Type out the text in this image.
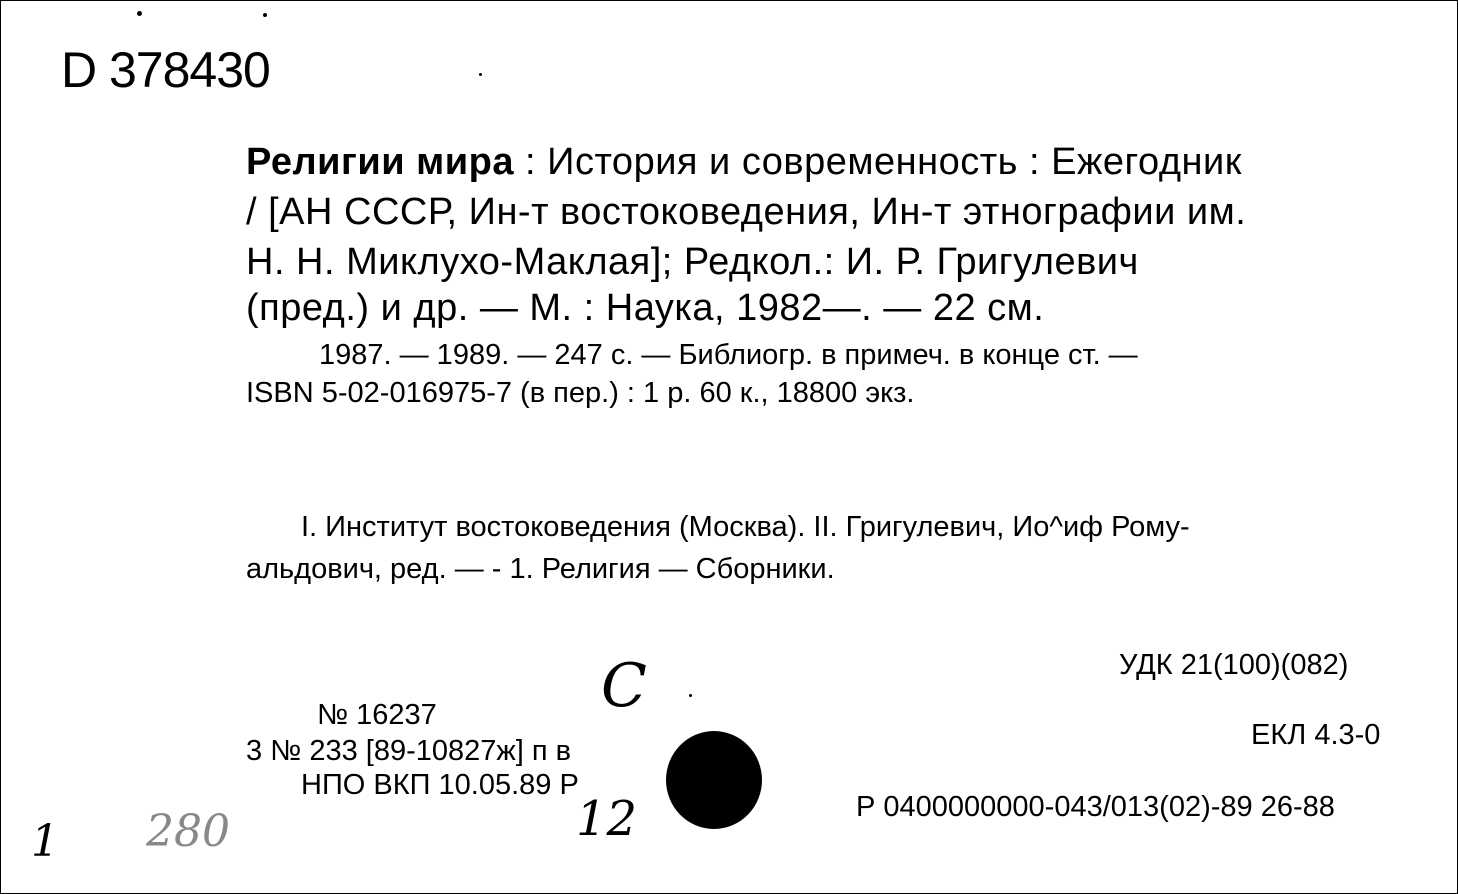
D 378430
Религии мира : История и современность : Ежегодник
/ [АН СССР, Ин-т востоковедения, Ин-т этнографии им.
Н. Н. Миклухо-Маклая]; Редкол.: И. Р. Григулевич
(пред.) и др. — М. : Наука, 1982—. — 22 см.
1987. — 1989. — 247 с. — Библиогр. в примеч. в конце ст. —
ISBN 5-02-016975-7 (в пер.) : 1 р. 60 к., 18800 экз.
I. Институт востоковедения (Москва). II. Григулевич, Ио^иф Рому-
альдович, ред. — - 1. Религия — Сборники.
УДК 21(100)(082)
ЕКЛ 4.3-0
Р 0400000000-043/013(02)-89 26-88
№ 16237
3 № 233 [89-10827ж] п в
НПО ВКП 10.05.89 Р
C
12
1 280
